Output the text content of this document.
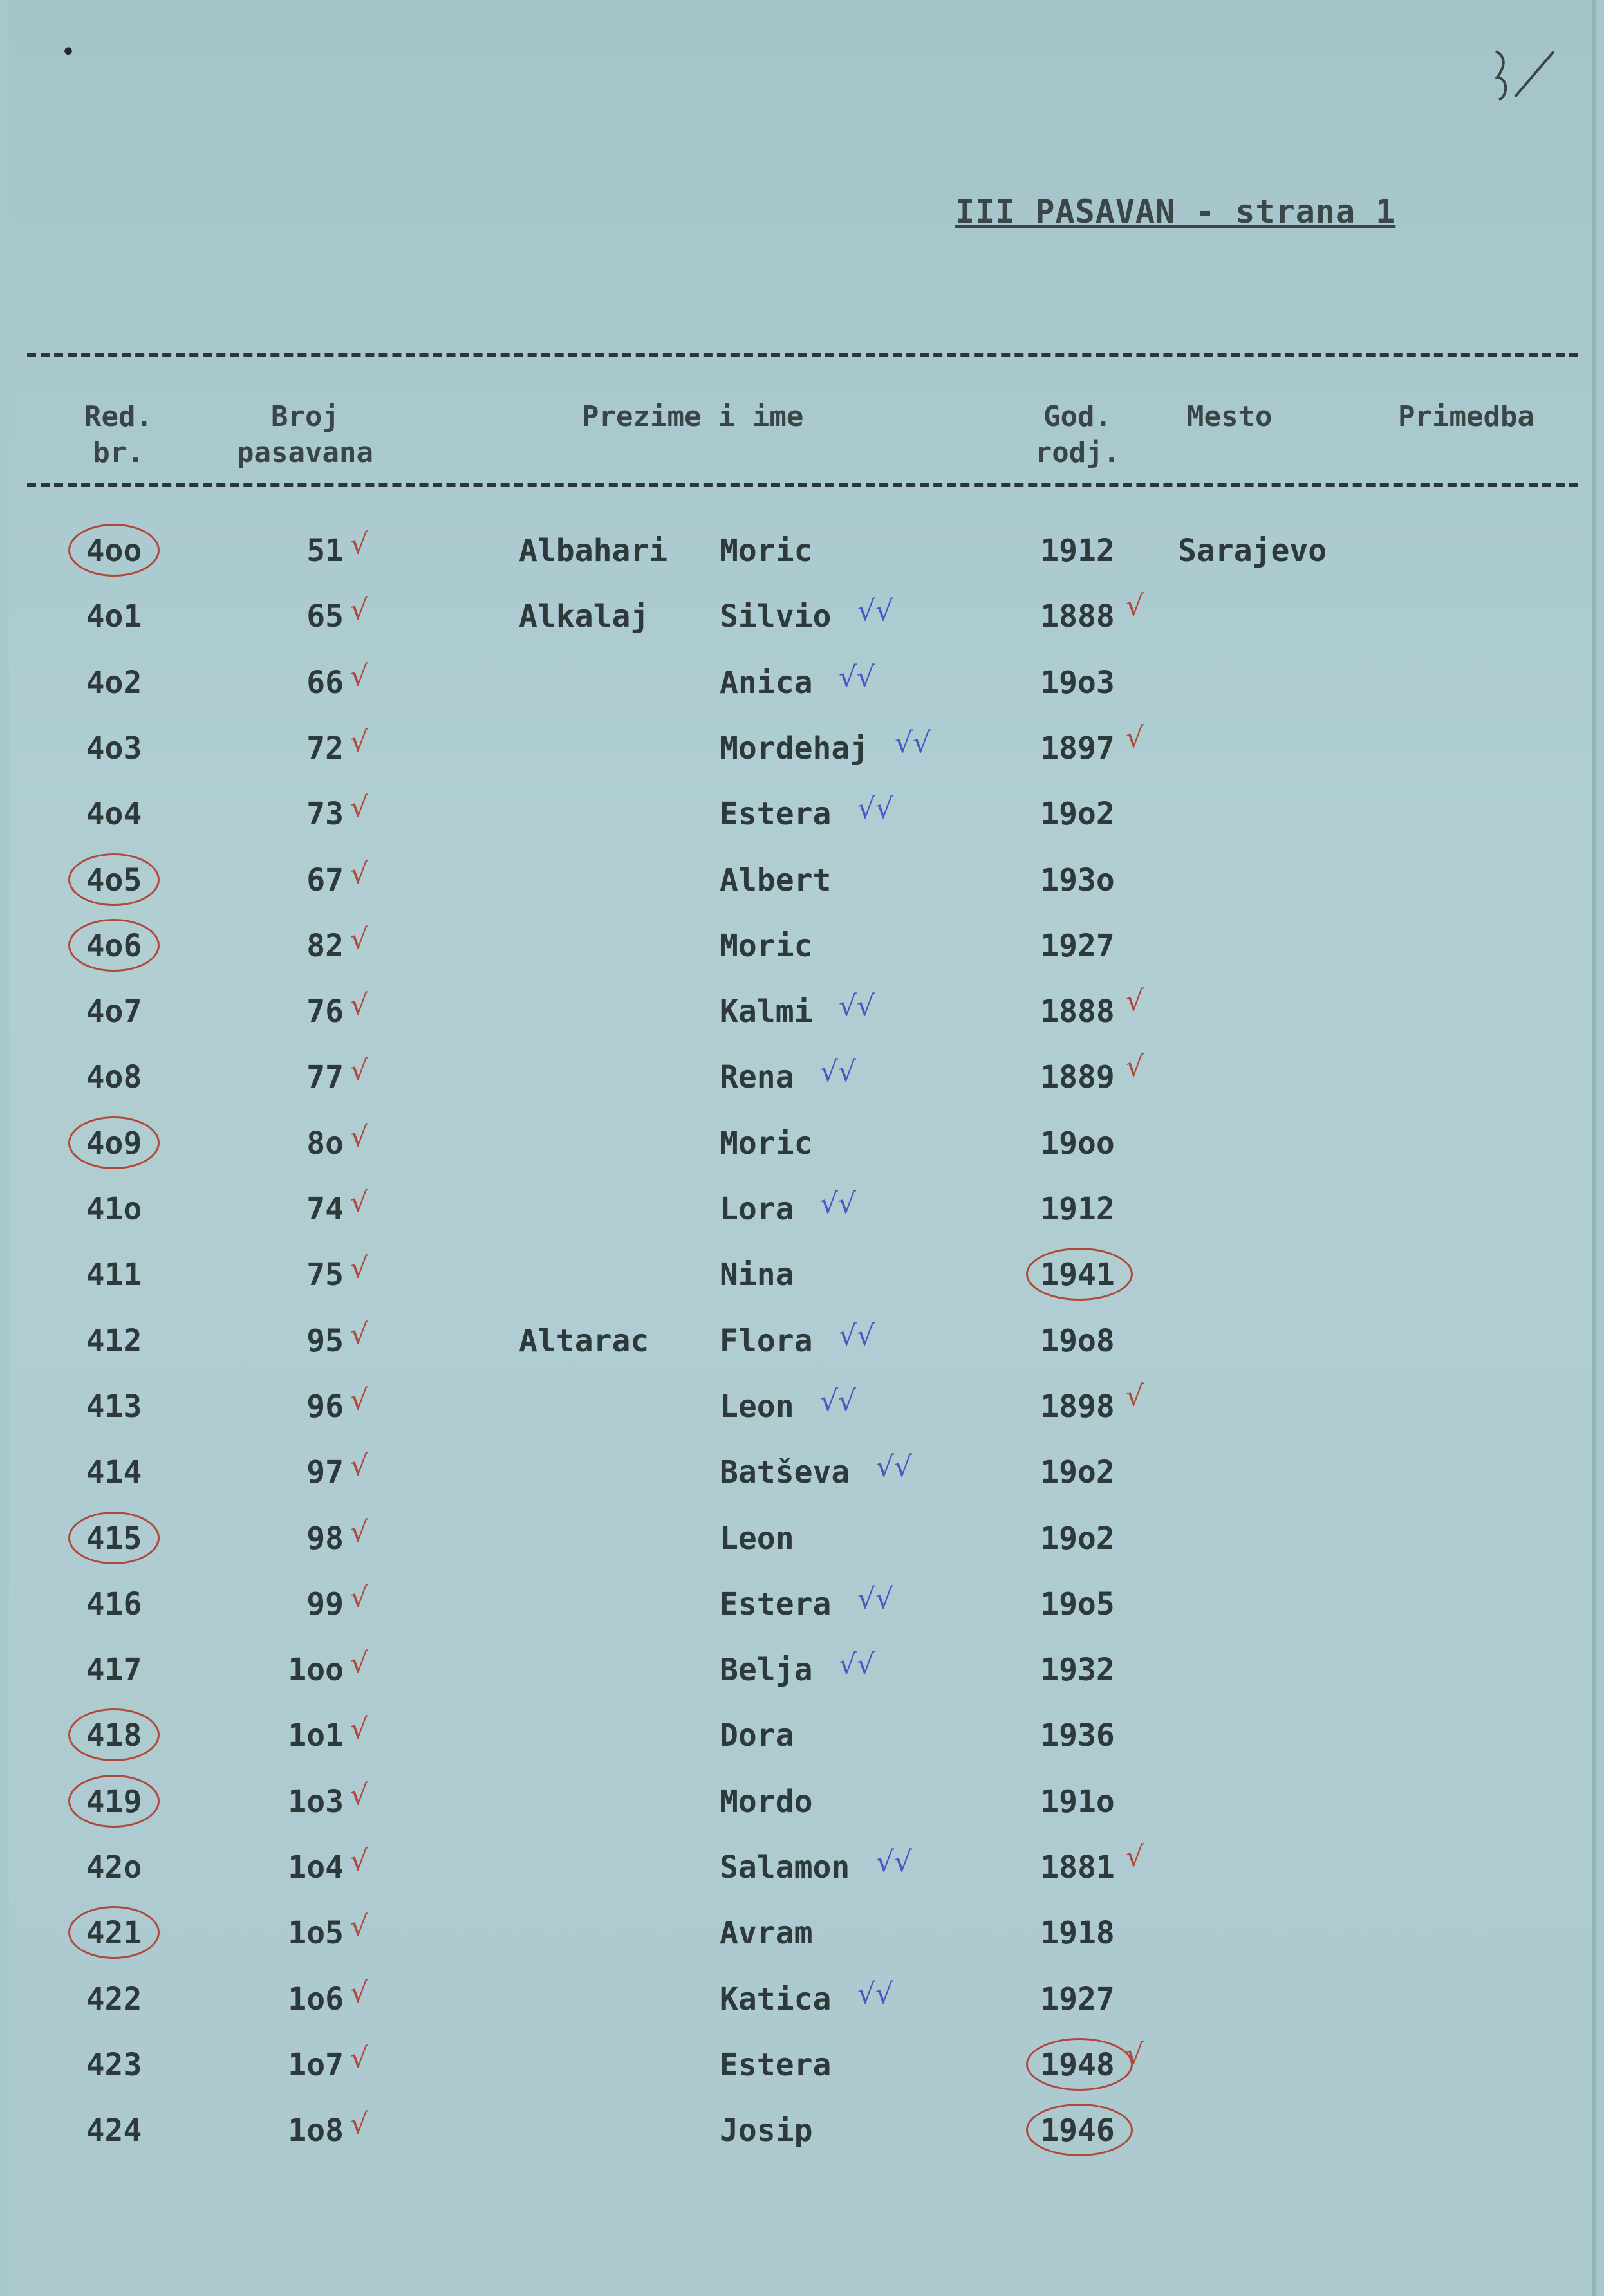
•
III PASAVAN - strana 1
Red.
br.
Broj
pasavana
Prezime i ime	God.
rodj.
Mesto	Primedba
4oo	51	Albahari Moric	1912	Sarajevo
√
4o1	65	Alkalaj Silvio	1888
√	√√	√
4o2	66	Anica	19o3
√	√√
4o3	72	Mordehaj	1897
√	√√	√
4o4	73	Estera	19o2
√	√√
4o5	67	Albert	193o
√
4o6	82	Moric	1927
√
4o7	76	Kalmi	1888
√	√√	√
4o8	77	Rena	1889
√	√√	√
4o9	8o	Moric	19oo
√
41o	74	Lora	1912
√	√√
411	75	Nina	1941
√
412	95	Altarac Flora	19o8
√	√√
413	96	Leon	1898
√	√√	√
414	97	Batševa	19o2
√	√√
415	98	Leon	19o2
√
416	99	Estera	19o5
√	√√
417	1oo	Belja	1932
√	√√
418	1o1	Dora	1936
√
419	1o3	Mordo	191o
√
42o	1o4	Salamon	1881
√	√√	√
421	1o5	Avram	1918
√
422	1o6	Katica	1927
√	√√
423	1o7	Estera	1948
√	√
424	1o8	Josip	1946
√
